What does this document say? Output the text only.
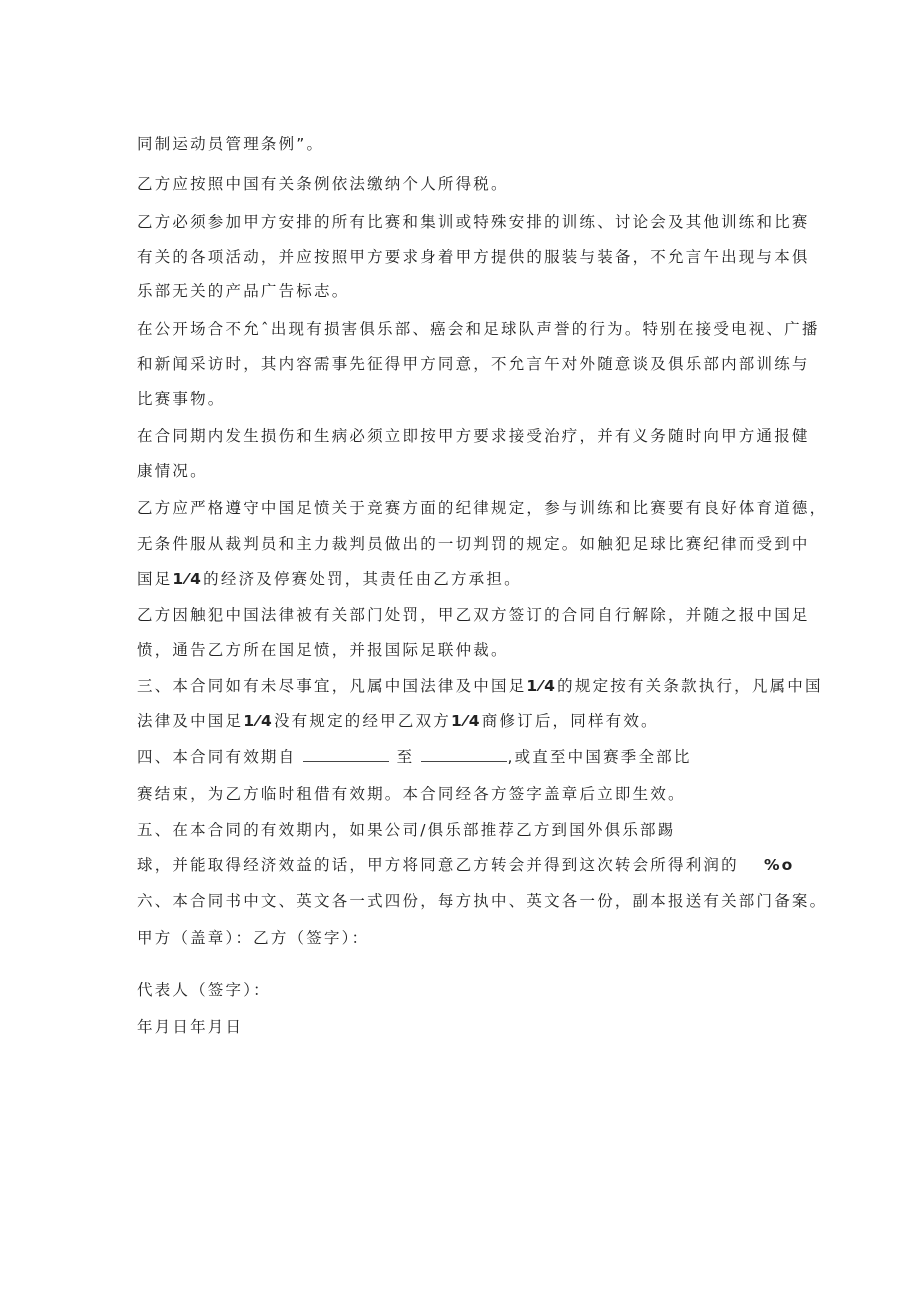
同制运动员管理条例”。
乙方应按照中国有关条例依法缴纳个人所得税。
乙方必须参加甲方安排的所有比赛和集训或特殊安排的训练、讨论会及其他训练和比赛
有关的各项活动，并应按照甲方要求身着甲方提供的服装与装备，不允言午出现与本俱
乐部无关的产品广告标志。
在公开场合不允ˆ出现有损害俱乐部、癌会和足球队声誉的行为。特别在接受电视、广播
和新闻采访时，其内容需事先征得甲方同意，不允言午对外随意谈及俱乐部内部训练与
比赛事物。
在合同期内发生损伤和生病必须立即按甲方要求接受治疗，并有义务随时向甲方通报健
康情况。
乙方应严格遵守中国足愤关于竞赛方面的纪律规定，参与训练和比赛要有良好体育道德，
无条件服从裁判员和主力裁判员做出的一切判罚的规定。如触犯足球比赛纪律而受到中
国足1⁄4的经济及停赛处罚，其责任由乙方承担。
乙方因触犯中国法律被有关部门处罚，甲乙双方签订的合同自行解除，并随之报中国足
愤，通告乙方所在国足愤，并报国际足联仲裁。
三、本合同如有未尽事宜，凡属中国法律及中国足1⁄4的规定按有关条款执行，凡属中国
法律及中国足1⁄4没有规定的经甲乙双方1⁄4商修订后，同样有效。
四、本合同有效期自	至	,或直至中国赛季全部比
赛结束，为乙方临时租借有效期。本合同经各方签字盖章后立即生效。
五、在本合同的有效期内，如果公司/俱乐部推荐乙方到国外俱乐部踢
球，并能取得经济效益的话，甲方将同意乙方转会并得到这次转会所得利润的 %o
六、本合同书中文、英文各一式四份，每方执中、英文各一份，副本报送有关部门备案。
甲方（盖章）：乙方（签字）：
代表人（签字）：
年月日年月日
